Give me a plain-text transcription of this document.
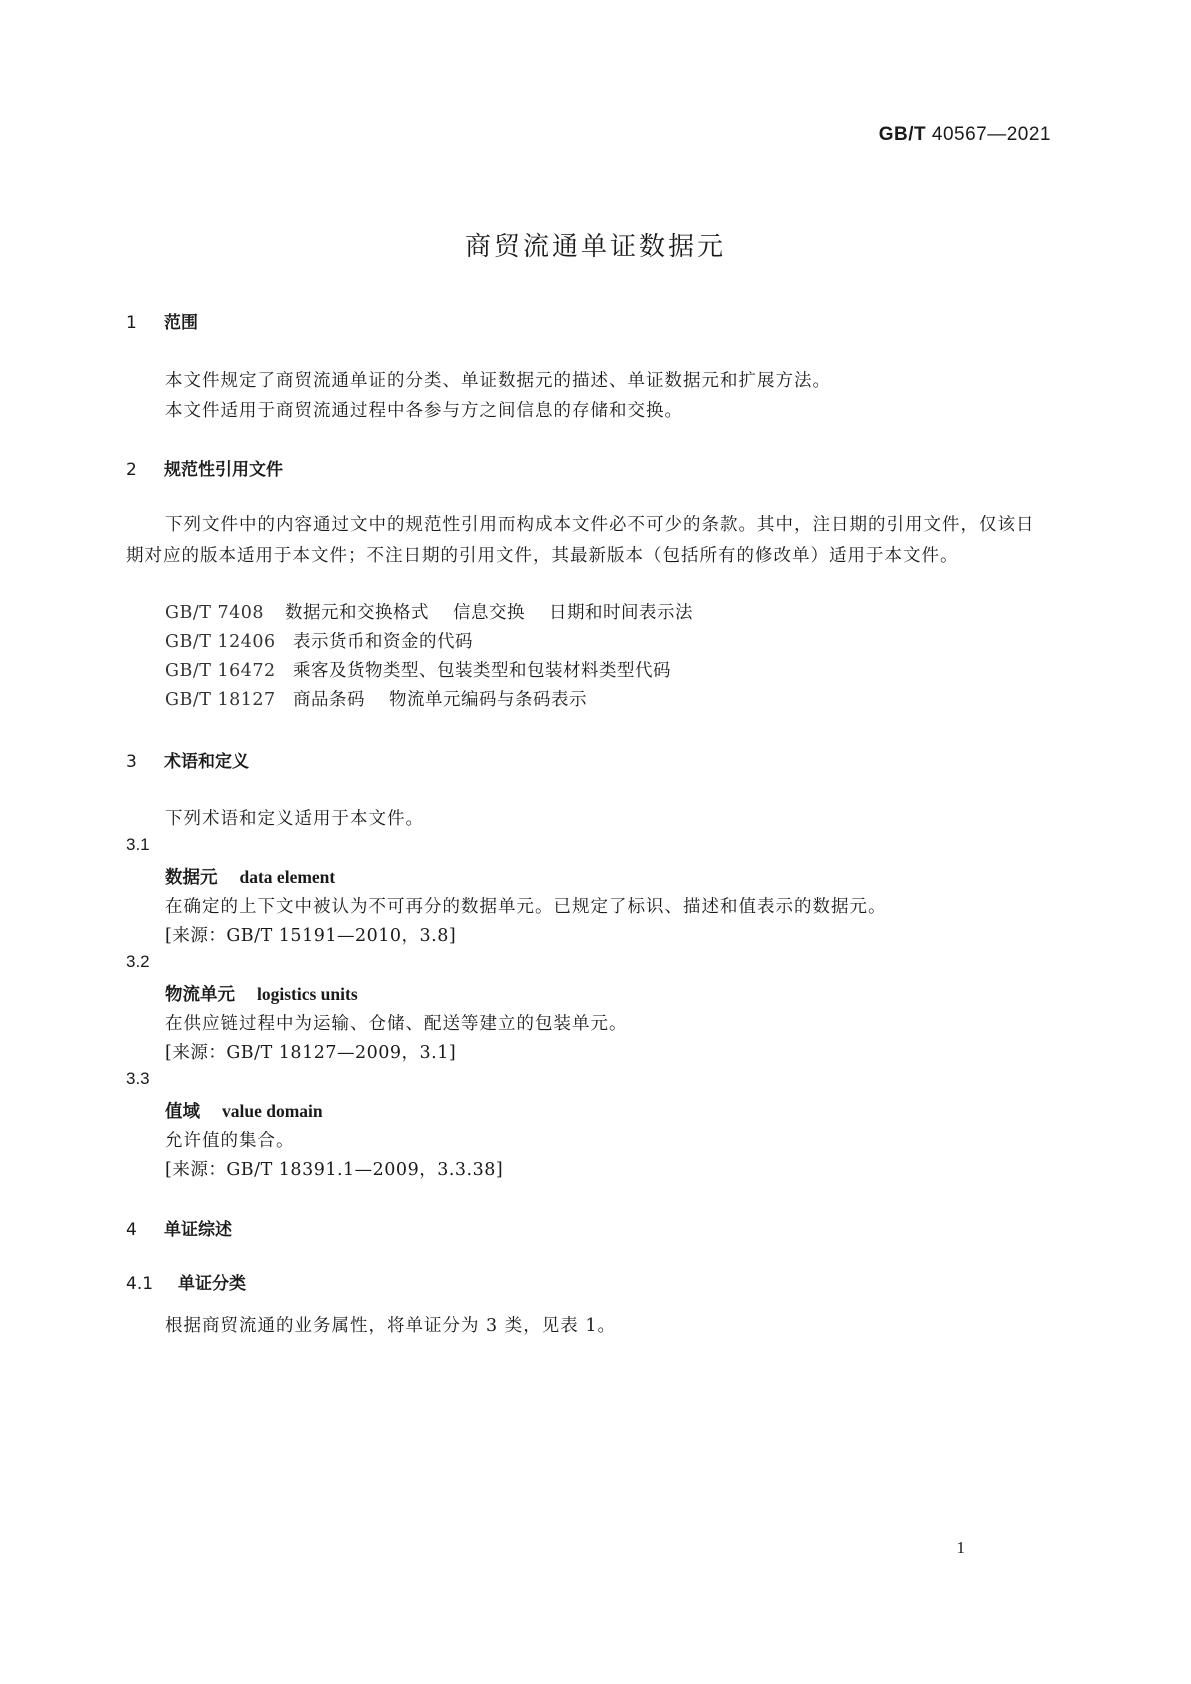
GB/T 40567—2021
商贸流通单证数据元
1 范围
本文件规定了商贸流通单证的分类、单证数据元的描述、单证数据元和扩展方法。
本文件适用于商贸流通过程中各参与方之间信息的存储和交换。
2 规范性引用文件
下列文件中的内容通过文中的规范性引用而构成本文件必不可少的条款。其中，注日期的引用文件，仅该日期对应的版本适用于本文件；不注日期的引用文件，其最新版本（包括所有的修改单）适用于本文件。
GB/T 7408 数据元和交换格式 信息交换 日期和时间表示法
GB/T 12406 表示货币和资金的代码
GB/T 16472 乘客及货物类型、包装类型和包装材料类型代码
GB/T 18127 商品条码 物流单元编码与条码表示
3 术语和定义
下列术语和定义适用于本文件。
3.1
数据元 data element
在确定的上下文中被认为不可再分的数据单元。已规定了标识、描述和值表示的数据元。
[来源：GB/T 15191—2010，3.8]
3.2
物流单元 logistics units
在供应链过程中为运输、仓储、配送等建立的包装单元。
[来源：GB/T 18127—2009，3.1]
3.3
值域 value domain
允许值的集合。
[来源：GB/T 18391.1—2009，3.3.38]
4 单证综述
4.1 单证分类
根据商贸流通的业务属性，将单证分为 3 类，见表 1。
1
